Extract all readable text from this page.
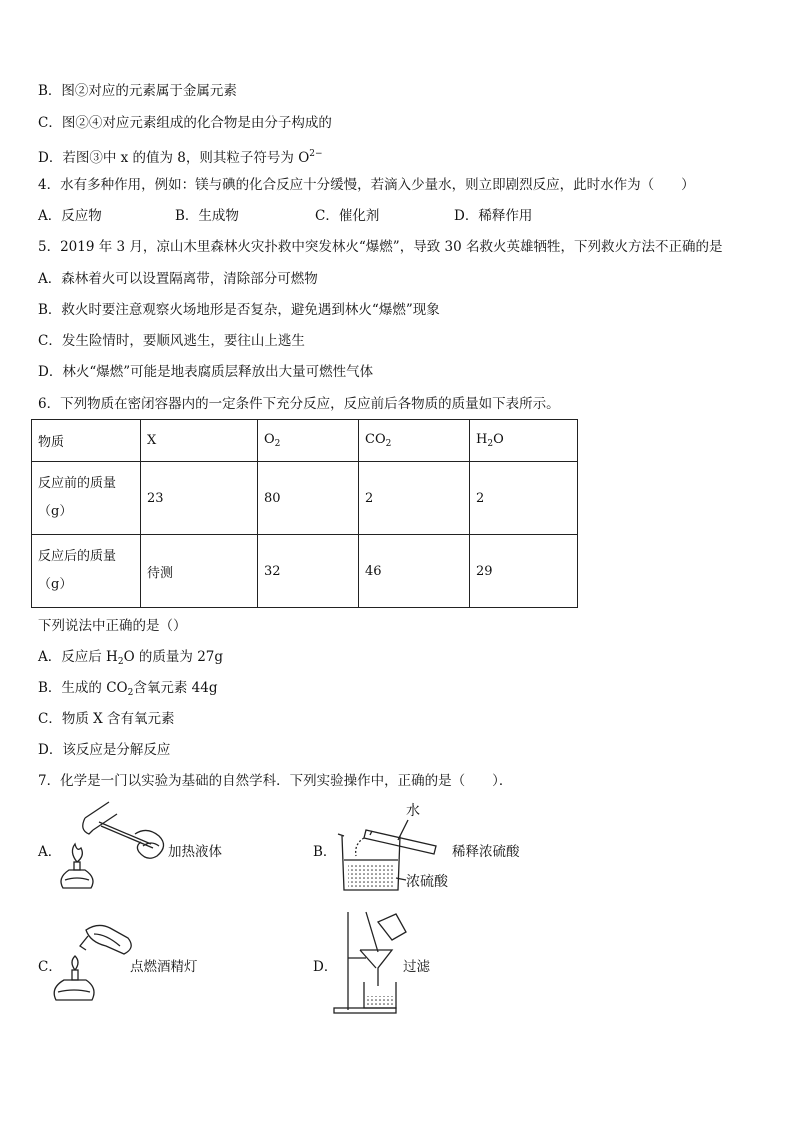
B．图②对应的元素属于金属元素
C．图②④对应元素组成的化合物是由分子构成的
D．若图③中 x 的值为 8，则其粒子符号为 $O^{2-}$
4．水有多种作用，例如：镁与碘的化合反应十分缓慢，若滴入少量水，则立即剧烈反应，此时水作为（　　）
A．反应物	B．生成物	C．催化剂	D．稀释作用
5．2019 年 3 月，凉山木里森林火灾扑救中突发林火“爆燃”，导致 30 名救火英雄牺牲，下列救火方法不正确的是
A．森林着火可以设置隔离带，清除部分可燃物
B．救火时要注意观察火场地形是否复杂，避免遇到林火“爆燃”现象
C．发生险情时，要顺风逃生，要往山上逃生
D．林火“爆燃”可能是地表腐质层释放出大量可燃性气体
6．下列物质在密闭容器内的一定条件下充分反应，反应前后各物质的质量如下表所示。
物质	X	$O_2$	$CO_2$	$H_2O$

反应前的质量
（g）	23	80	2	2

反应后的质量
（g）	待测	32	46	29
下列说法中正确的是（）
A．反应后 $H_2O$ 的质量为 27g
B．生成的 $CO_2$含氧元素 44g
C．物质 X 含有氧元素
D．该反应是分解反应
7．化学是一门以实验为基础的自然学科．下列实验操作中，正确的是（　　）．
A．	加热液体	B．
水
浓硫酸
稀释浓硫酸
C．	点燃酒精灯	D．	过滤
